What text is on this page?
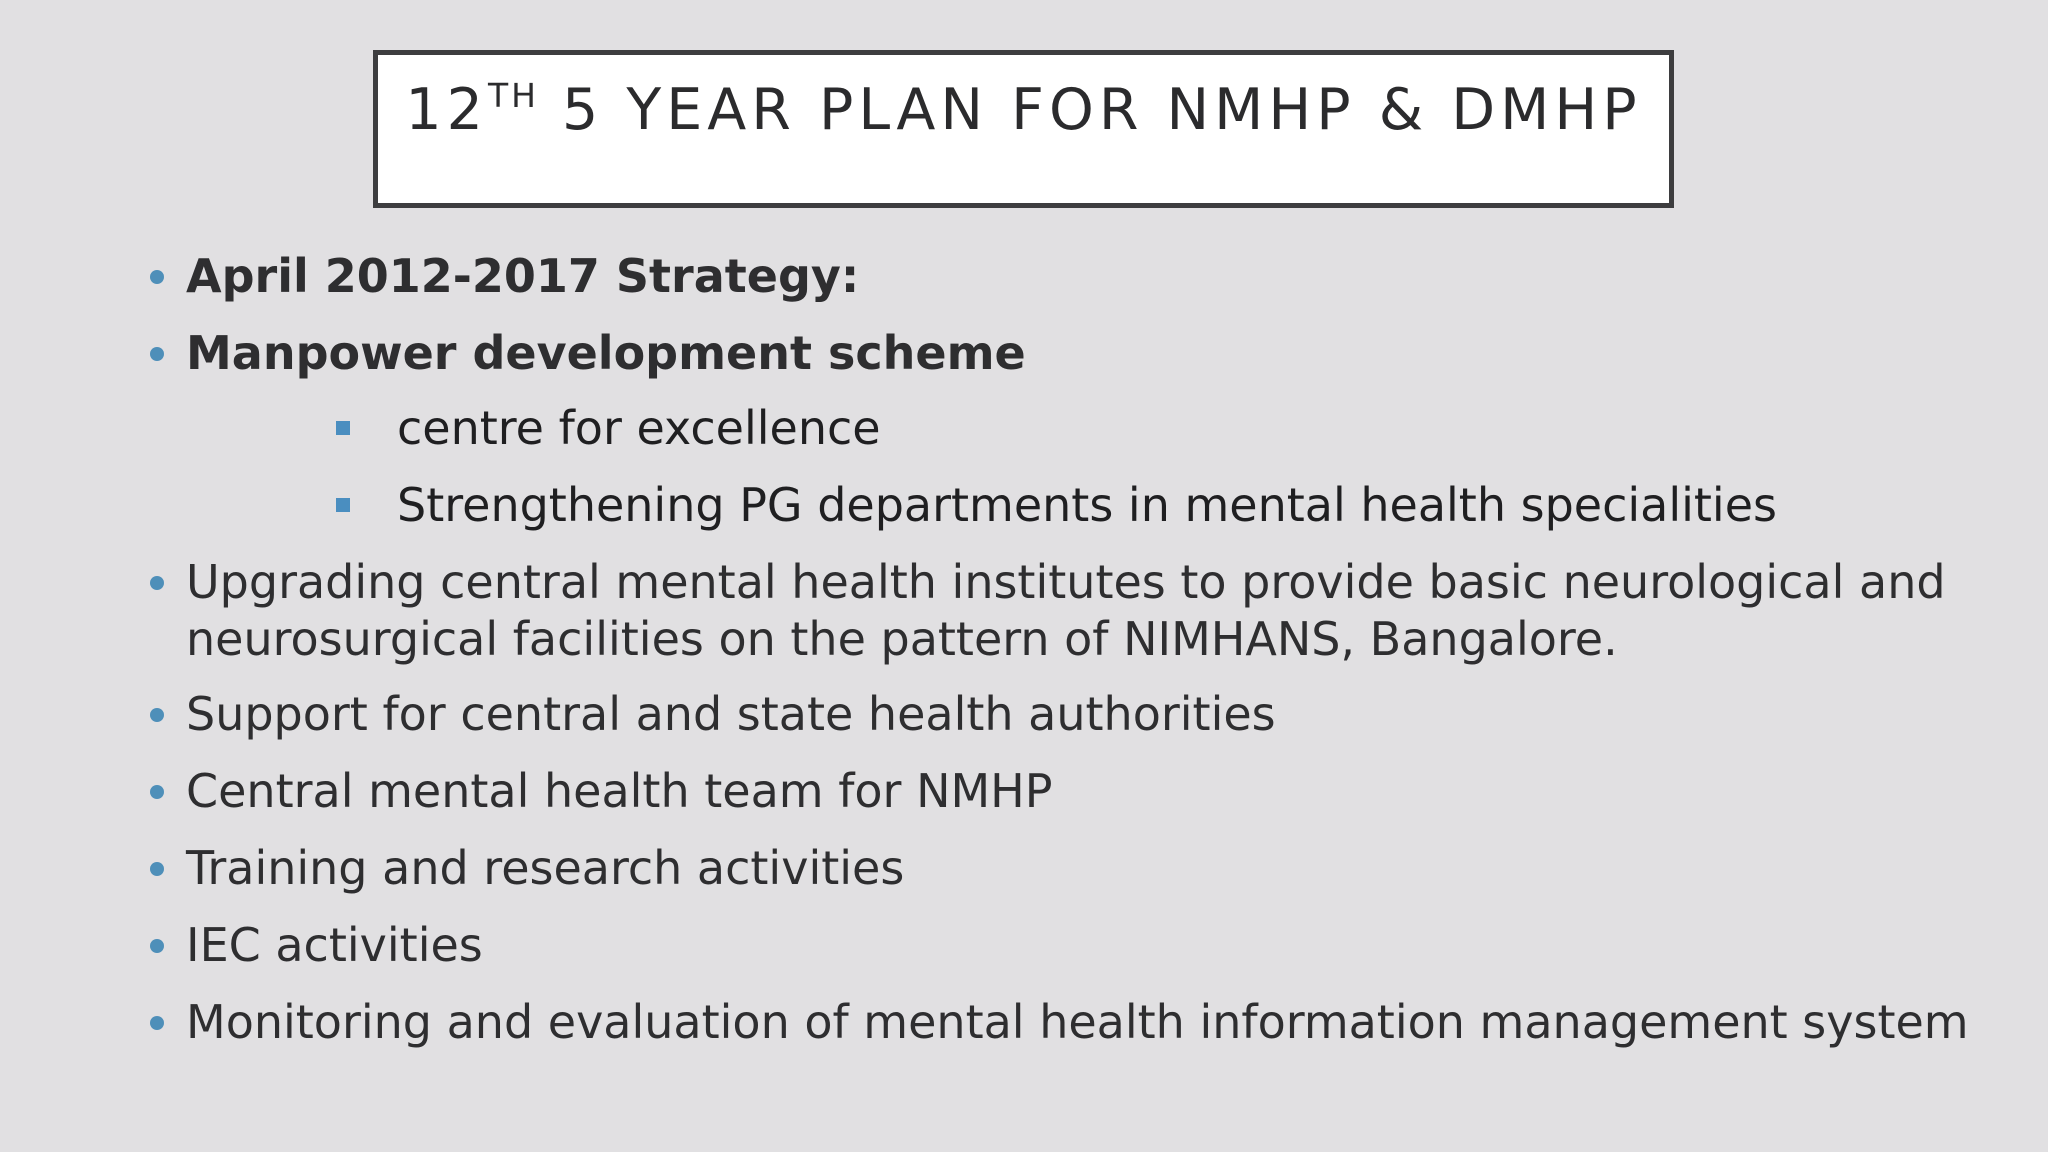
12TH 5 YEAR PLAN FOR NMHP & DMHP
April 2012-2017 Strategy:
Manpower development scheme
centre for excellence
Strengthening PG departments in mental health specialities
Upgrading central mental health institutes to provide basic neurological and neurosurgical facilities on the pattern of NIMHANS, Bangalore.
Support for central and state health authorities
Central mental health team for NMHP
Training and research activities
IEC activities
Monitoring and evaluation of mental health information management system
